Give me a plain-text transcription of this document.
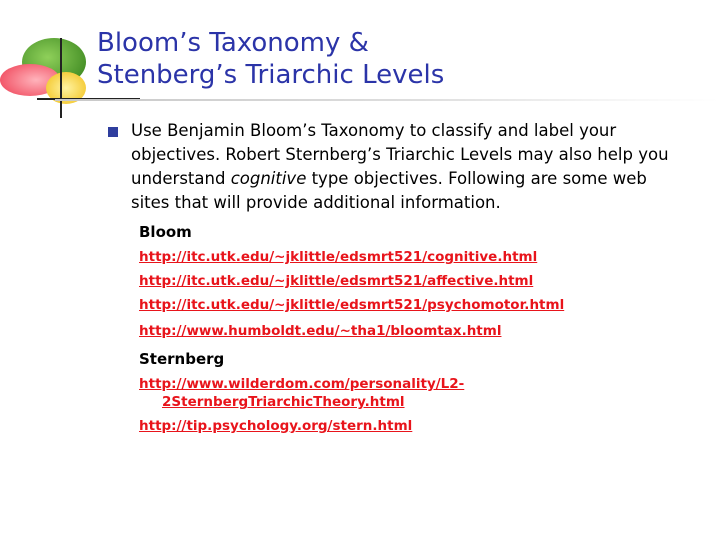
Bloom’s Taxonomy &
Stenberg’s Triarchic Levels

Use Benjamin Bloom’s Taxonomy to classify and label your objectives. Robert Sternberg’s Triarchic Levels may also help you understand cognitive type objectives. Following are some web sites that will provide additional information.

Bloom

http://itc.utk.edu/~jklittle/edsmrt521/cognitive.html
http://itc.utk.edu/~jklittle/edsmrt521/affective.html
http://itc.utk.edu/~jklittle/edsmrt521/psychomotor.html
http://www.humboldt.edu/~tha1/bloomtax.html

Sternberg

http://www.wilderdom.com/personality/L2-2SternbergTriarchicTheory.html
http://tip.psychology.org/stern.html
